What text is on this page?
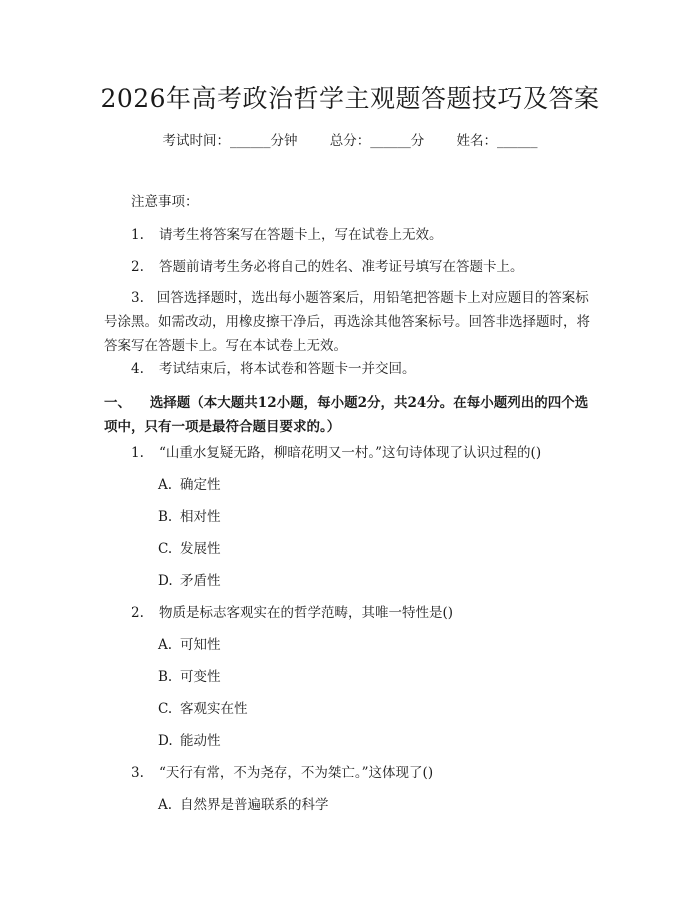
2026年高考政治哲学主观题答题技巧及答案
考试时间：______分钟 总分：______分 姓名：______
注意事项：
1. 请考生将答案写在答题卡上，写在试卷上无效。
2. 答题前请考生务必将自己的姓名、准考证号填写在答题卡上。
3. 回答选择题时，选出每小题答案后，用铅笔把答题卡上对应题目的答案标号涂黑。如需改动，用橡皮擦干净后，再选涂其他答案标号。回答非选择题时，将答案写在答题卡上。写在本试卷上无效。
4. 考试结束后，将本试卷和答题卡一并交回。
一、 选择题（本大题共12小题，每小题2分，共24分。在每小题列出的四个选项中，只有一项是最符合题目要求的。）
1. “山重水复疑无路，柳暗花明又一村。”这句诗体现了认识过程的()
A. 确定性
B. 相对性
C. 发展性
D. 矛盾性
2. 物质是标志客观实在的哲学范畴，其唯一特性是()
A. 可知性
B. 可变性
C. 客观实在性
D. 能动性
3. “天行有常，不为尧存，不为桀亡。”这体现了()
A. 自然界是普遍联系的科学
